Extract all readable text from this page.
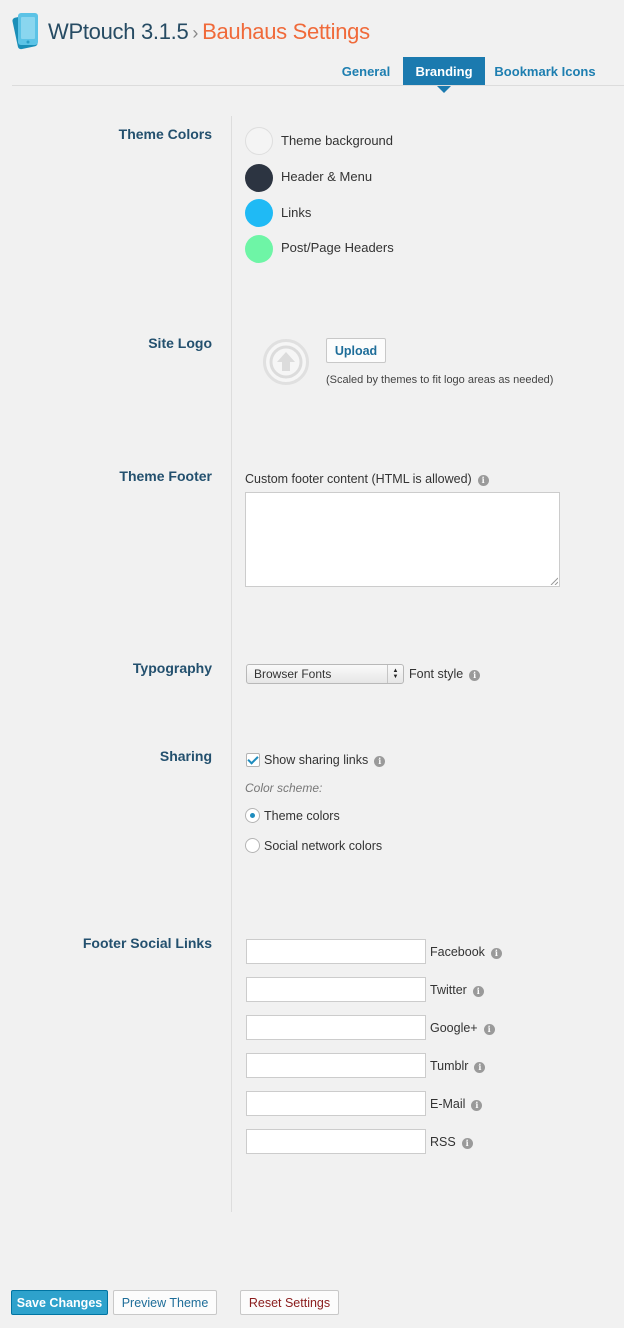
WPtouch 3.1.5 › Bauhaus Settings
General	Branding	Bookmark Icons
Theme Colors	Theme background
Header & Menu
Links
Post/Page Headers
Site Logo	Upload
(Scaled by themes to fit logo areas as needed)
Theme Footer	Custom footer content (HTML is allowed) i
Typography	Browser Fonts	▲
▼ Font style i
Sharing	Show sharing links i
Color scheme:
Theme colors
Social network colors
Footer Social Links
Facebook i
Twitter i
Google+ i
Tumblr i
E-Mail i
RSS i
Save Changes	Preview Theme	Reset Settings
